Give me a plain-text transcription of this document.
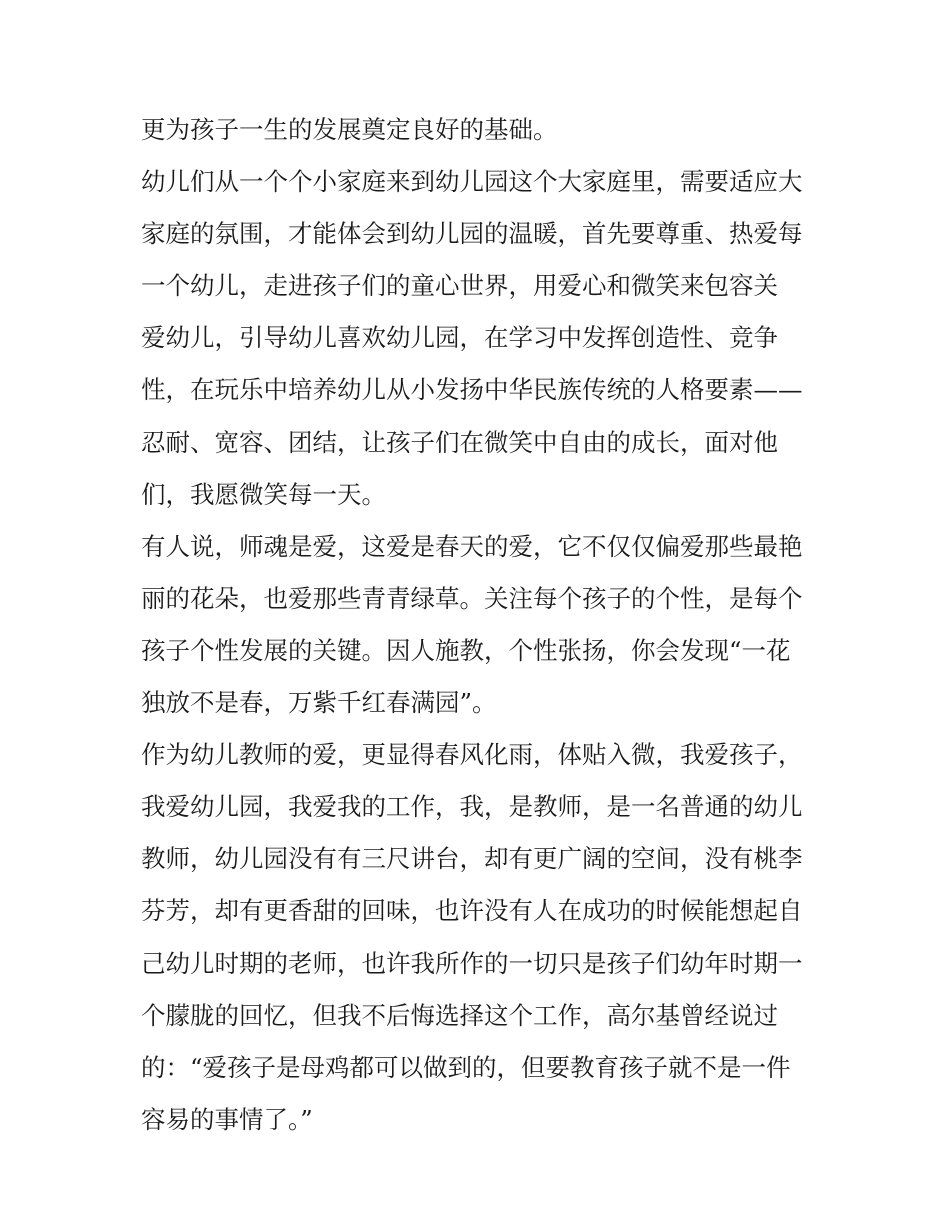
更为孩子一生的发展奠定良好的基础。
幼儿们从一个个小家庭来到幼儿园这个大家庭里，需要适应大
家庭的氛围，才能体会到幼儿园的温暖，首先要尊重、热爱每
一个幼儿，走进孩子们的童心世界，用爱心和微笑来包容关
爱幼儿，引导幼儿喜欢幼儿园，在学习中发挥创造性、竞争
性，在玩乐中培养幼儿从小发扬中华民族传统的人格要素——
忍耐、宽容、团结，让孩子们在微笑中自由的成长，面对他
们，我愿微笑每一天。
有人说，师魂是爱，这爱是春天的爱，它不仅仅偏爱那些最艳
丽的花朵，也爱那些青青绿草。关注每个孩子的个性，是每个
孩子个性发展的关键。因人施教，个性张扬，你会发现“一花
独放不是春，万紫千红春满园”。
作为幼儿教师的爱，更显得春风化雨，体贴入微，我爱孩子，
我爱幼儿园，我爱我的工作，我，是教师，是一名普通的幼儿
教师，幼儿园没有有三尺讲台，却有更广阔的空间，没有桃李
芬芳，却有更香甜的回味，也许没有人在成功的时候能想起自
己幼儿时期的老师，也许我所作的一切只是孩子们幼年时期一
个朦胧的回忆，但我不后悔选择这个工作，高尔基曾经说过
的：“爱孩子是母鸡都可以做到的，但要教育孩子就不是一件
容易的事情了。”
